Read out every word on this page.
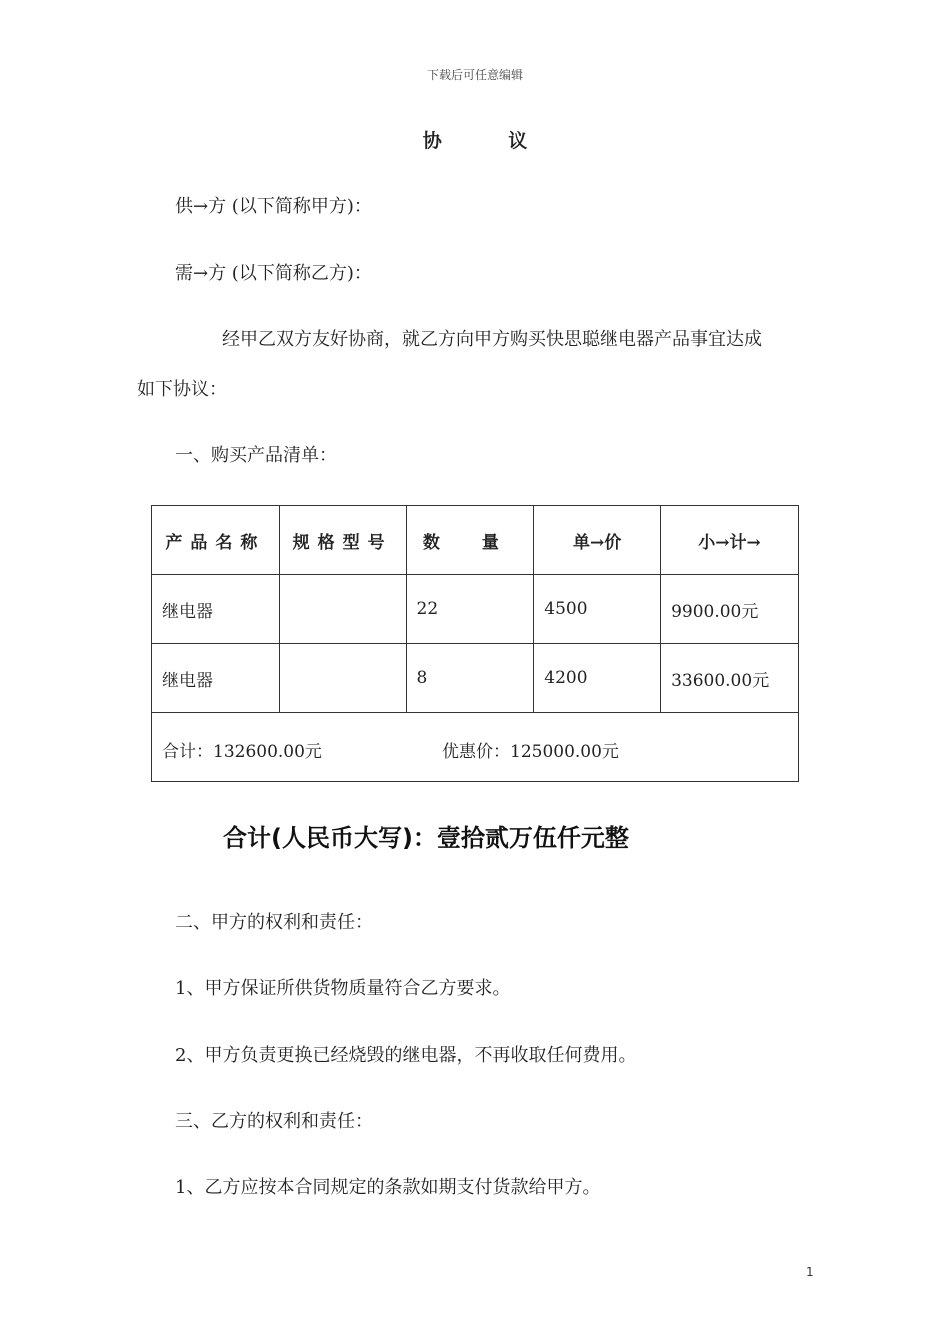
下载后可任意编辑
协 议
供→方 (以下简称甲方)：
需→方 (以下简称乙方)：
经甲乙双方友好协商，就乙方向甲方购买快思聪继电器产品事宜达成
如下协议：
一、购买产品清单：
产品名称	规格型号	数 量	单→价	小→计→
继电器		22	4500	9900.00元
继电器		8	4200	33600.00元

合计：132600.00元 优惠价：125000.00元				
合计(人民币大写)：壹拾贰万伍仟元整
二、甲方的权利和责任：
1、甲方保证所供货物质量符合乙方要求。
2、甲方负责更换已经烧毁的继电器，不再收取任何费用。
三、乙方的权利和责任：
1、乙方应按本合同规定的条款如期支付货款给甲方。
1
